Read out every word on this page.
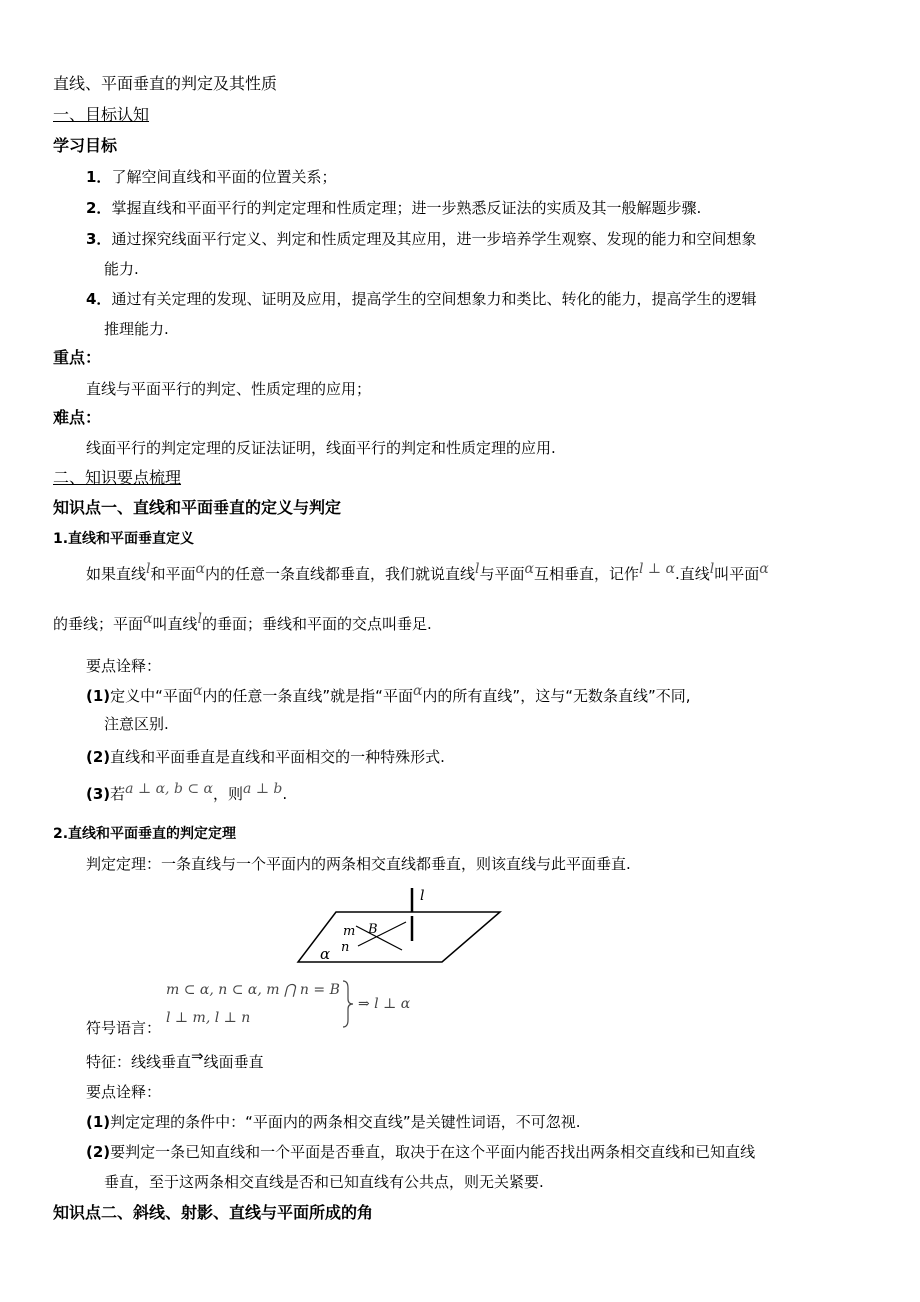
直线、平面垂直的判定及其性质
一、目标认知
学习目标
1．了解空间直线和平面的位置关系；
2．掌握直线和平面平行的判定定理和性质定理；进一步熟悉反证法的实质及其一般解题步骤.
3．通过探究线面平行定义、判定和性质定理及其应用，进一步培养学生观察、发现的能力和空间想象
能力.
4．通过有关定理的发现、证明及应用，提高学生的空间想象力和类比、转化的能力，提高学生的逻辑
推理能力.
重点：
直线与平面平行的判定、性质定理的应用；
难点：
线面平行的判定定理的反证法证明，线面平行的判定和性质定理的应用.
二、知识要点梳理
知识点一、直线和平面垂直的定义与判定
1.直线和平面垂直定义
如果直线l和平面α内的任意一条直线都垂直，我们就说直线l与平面α互相垂直，记作l ⊥ α.直线l叫平面α
的垂线；平面α叫直线l的垂面；垂线和平面的交点叫垂足.
要点诠释：
(1)定义中“平面α内的任意一条直线”就是指“平面α内的所有直线”，这与“无数条直线”不同,
注意区别.
(2)直线和平面垂直是直线和平面相交的一种特殊形式.
(3)若a ⊥ α, b ⊂ α，则a ⊥ b.
2.直线和平面垂直的判定定理
判定定理：一条直线与一个平面内的两条相交直线都垂直，则该直线与此平面垂直.
l
m B
n
α
m ⊂ α, n ⊂ α, m ⋂ n = B
l ⊥ m, l ⊥ n
⇒ l ⊥ α
符号语言：
特征：线线垂直⇒线面垂直
要点诠释：
(1)判定定理的条件中：“平面内的两条相交直线”是关键性词语，不可忽视.
(2)要判定一条已知直线和一个平面是否垂直，取决于在这个平面内能否找出两条相交直线和已知直线
垂直，至于这两条相交直线是否和已知直线有公共点，则无关紧要.
知识点二、斜线、射影、直线与平面所成的角
